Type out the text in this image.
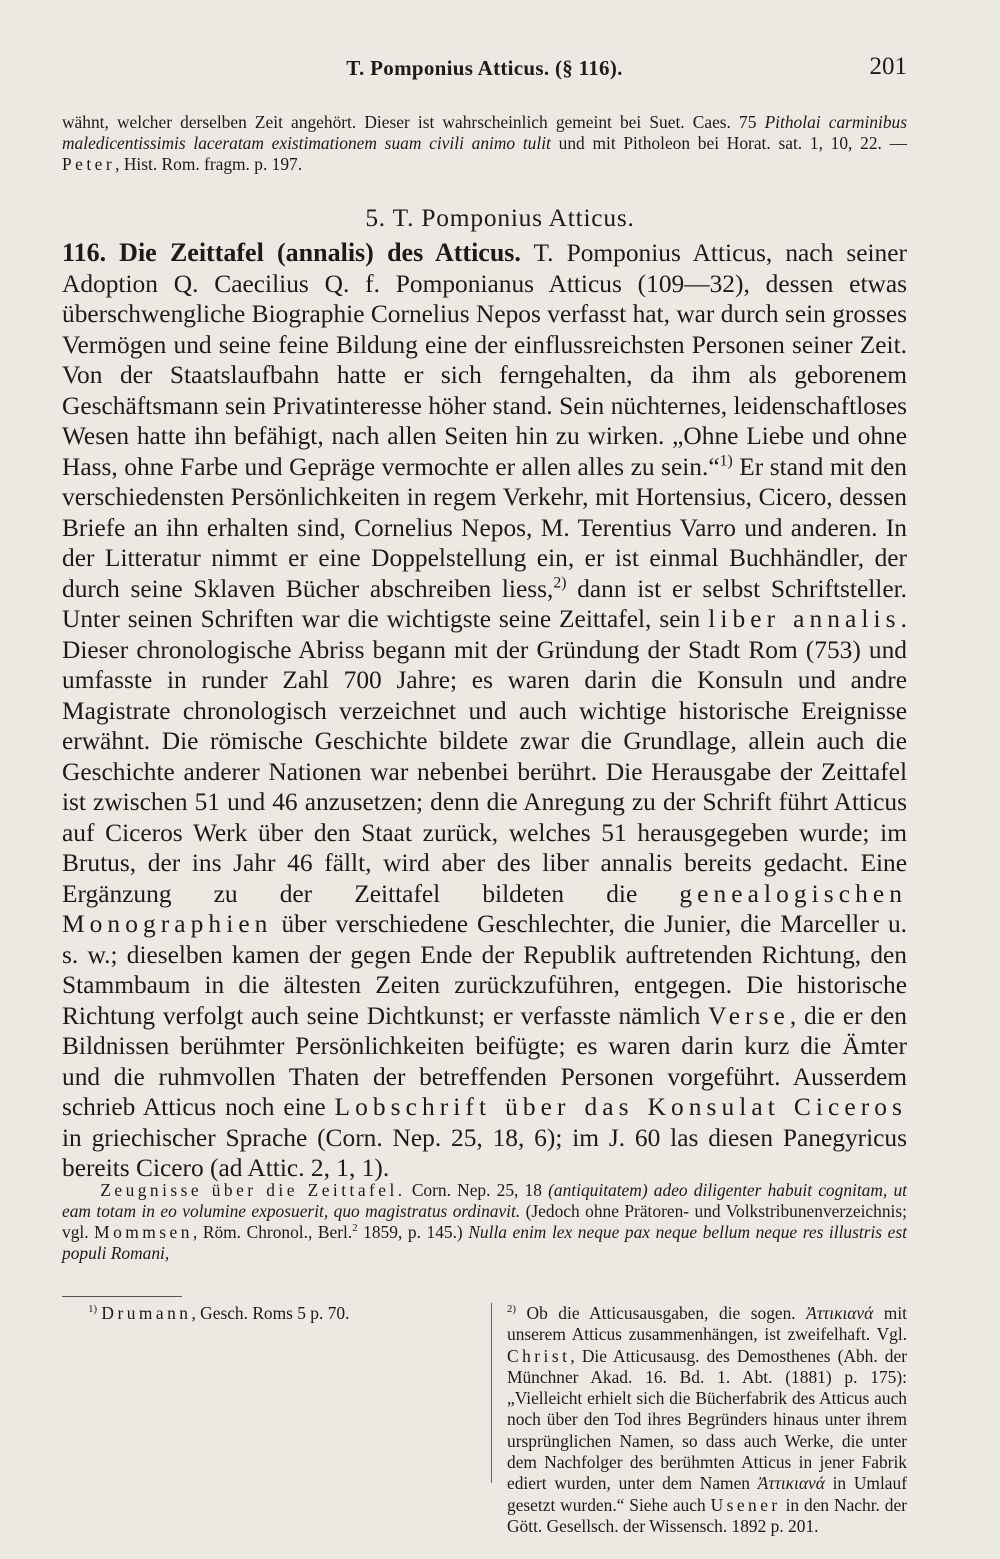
T. Pomponius Atticus. (§ 116).	201
wähnt, welcher derselben Zeit angehört. Dieser ist wahrscheinlich gemeint bei Suet. Caes. 75 Pitholai carminibus maledicentissimis laceratam existimationem suam civili animo tulit und mit Pitholeon bei Horat. sat. 1, 10, 22. — Peter, Hist. Rom. fragm. p. 197.
5. T. Pomponius Atticus.

116. Die Zeittafel (annalis) des Atticus. T. Pomponius Atticus, nach seiner Adoption Q. Caecilius Q. f. Pomponianus Atticus (109—32), dessen etwas überschwengliche Biographie Cornelius Nepos verfasst hat, war durch sein grosses Vermögen und seine feine Bildung eine der einflussreichsten Personen seiner Zeit. Von der Staatslaufbahn hatte er sich ferngehalten, da ihm als geborenem Geschäftsmann sein Privatinteresse höher stand. Sein nüchternes, leidenschaftloses Wesen hatte ihn befähigt, nach allen Seiten hin zu wirken. „Ohne Liebe und ohne Hass, ohne Farbe und Gepräge vermochte er allen alles zu sein.“$^{1)}$ Er stand mit den verschiedensten Persönlichkeiten in regem Verkehr, mit Hortensius, Cicero, dessen Briefe an ihn erhalten sind, Cornelius Nepos, M. Terentius Varro und anderen. In der Litteratur nimmt er eine Doppelstellung ein, er ist einmal Buchhändler, der durch seine Sklaven Bücher abschreiben liess,$^{2)}$ dann ist er selbst Schriftsteller. Unter seinen Schriften war die wichtigste seine Zeittafel, sein liber annalis. Dieser chronologische Abriss begann mit der Gründung der Stadt Rom (753) und umfasste in runder Zahl 700 Jahre; es waren darin die Konsuln und andre Magistrate chronologisch verzeichnet und auch wichtige historische Ereignisse erwähnt. Die römische Geschichte bildete zwar die Grundlage, allein auch die Geschichte anderer Nationen war nebenbei berührt. Die Herausgabe der Zeittafel ist zwischen 51 und 46 anzusetzen; denn die Anregung zu der Schrift führt Atticus auf Ciceros Werk über den Staat zurück, welches 51 herausgegeben wurde; im Brutus, der ins Jahr 46 fällt, wird aber des liber annalis bereits gedacht. Eine Ergänzung zu der Zeittafel bildeten die genealogischen Monographien über verschiedene Geschlechter, die Junier, die Marceller u. s. w.; dieselben kamen der gegen Ende der Republik auftretenden Richtung, den Stammbaum in die ältesten Zeiten zurückzuführen, entgegen. Die historische Richtung verfolgt auch seine Dichtkunst; er verfasste nämlich Verse, die er den Bildnissen berühmter Persönlichkeiten beifügte; es waren darin kurz die Ämter und die ruhmvollen Thaten der betreffenden Personen vorgeführt. Ausserdem schrieb Atticus noch eine Lobschrift über das Konsulat Ciceros in griechischer Sprache (Corn. Nep. 25, 18, 6); im J. 60 las diesen Panegyricus bereits Cicero (ad Attic. 2, 1, 1).

Zeugnisse über die Zeittafel. Corn. Nep. 25, 18 (antiquitatem) adeo diligenter habuit cognitam, ut eam totam in eo volumine exposuerit, quo magistratus ordinavit. (Jedoch ohne Prätoren- und Volkstribunenverzeichnis; vgl. Mommsen, Röm. Chronol., Berl.$^2$ 1859, p. 145.) Nulla enim lex neque pax neque bellum neque res illustris est populi Romani,

$^{1)}$ Drumann, Gesch. Roms 5 p. 70.	$^{2)}$ Ob die Atticusausgaben, die sogen. Ἀττικιανά mit unserem Atticus zusammenhängen, ist zweifelhaft. Vgl. Christ, Die Atticusausg. des Demosthenes (Abh. der Münchner Akad. 16. Bd. 1. Abt. (1881) p. 175): „Vielleicht erhielt sich die Bücherfabrik des Atticus auch noch über den Tod ihres Begründers hinaus unter ihrem ursprünglichen Namen, so dass auch Werke, die unter dem Nachfolger des berühmten Atticus in jener Fabrik ediert wurden, unter dem Namen Ἀττικιανά in Umlauf gesetzt wurden.“ Siehe auch Usener in den Nachr. der Gött. Gesellsch. der Wissensch. 1892 p. 201.
